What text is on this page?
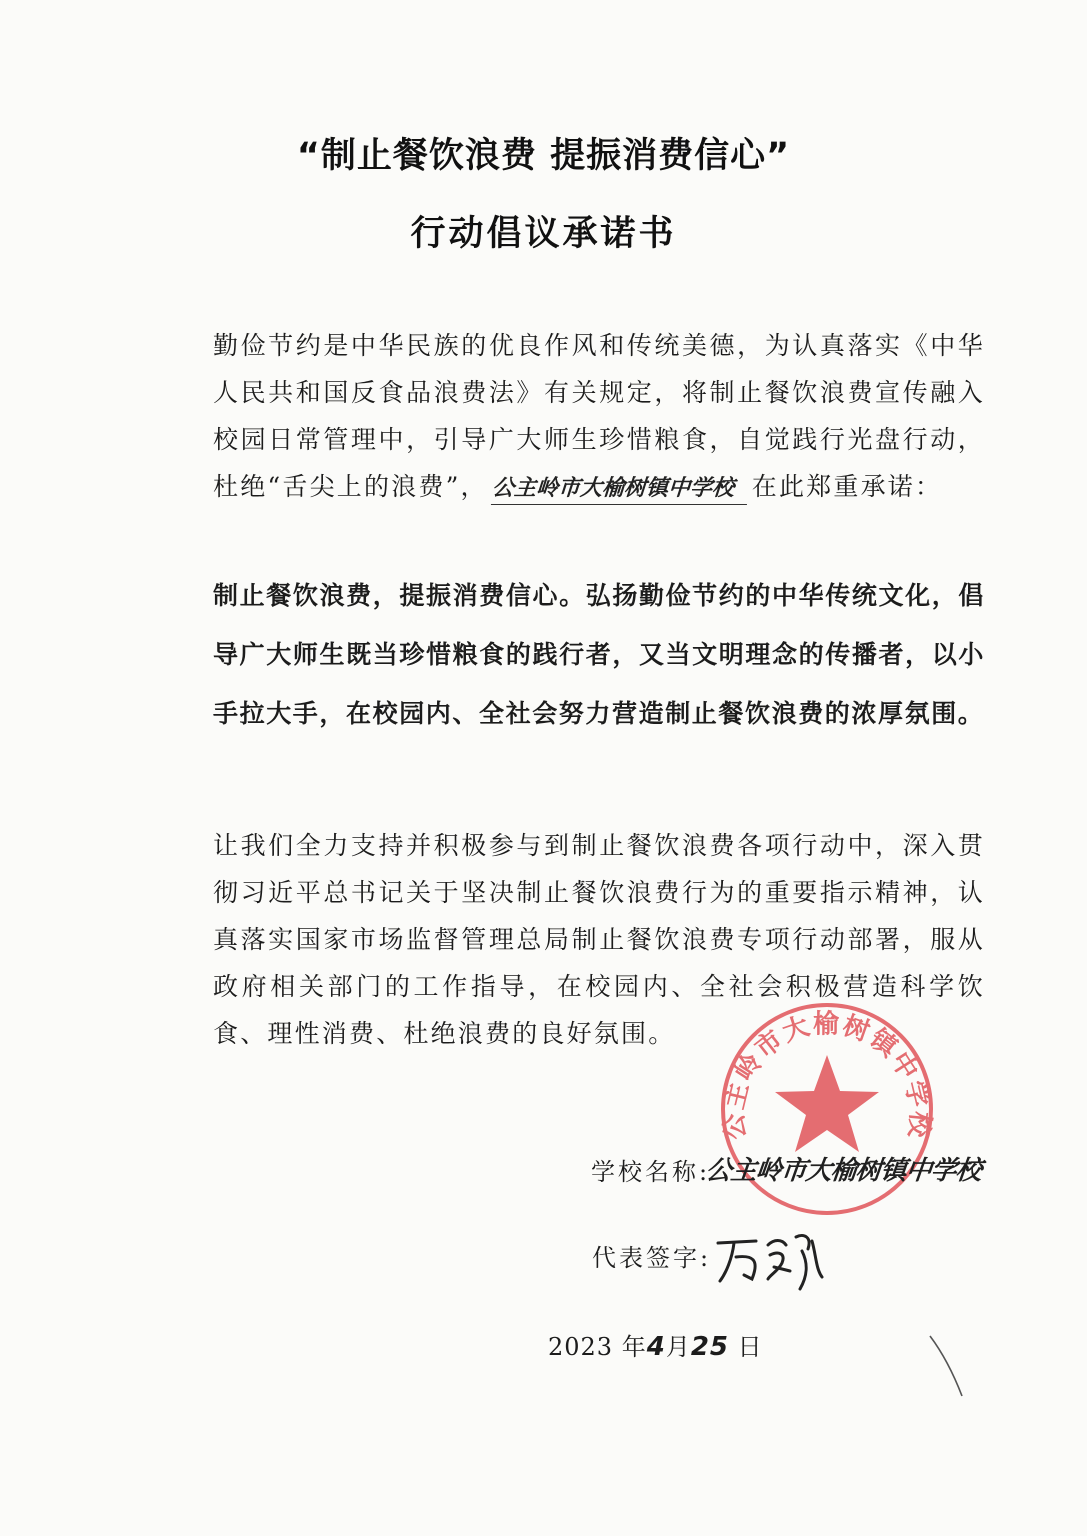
“制止餐饮浪费 提振消费信心”
行动倡议承诺书
勤俭节约是中华民族的优良作风和传统美德，为认真落实《中华人民共和国反食品浪费法》有关规定，将制止餐饮浪费宣传融入校园日常管理中，引导广大师生珍惜粮食，自觉践行光盘行动，杜绝“舌尖上的浪费”， 公主岭市大榆树镇中学校 在此郑重承诺：
制止餐饮浪费，提振消费信心。弘扬勤俭节约的中华传统文化，倡导广大师生既当珍惜粮食的践行者，又当文明理念的传播者，以小手拉大手，在校园内、全社会努力营造制止餐饮浪费的浓厚氛围。
让我们全力支持并积极参与到制止餐饮浪费各项行动中，深入贯彻习近平总书记关于坚决制止餐饮浪费行为的重要指示精神，认真落实国家市场监督管理总局制止餐饮浪费专项行动部署，服从政府相关部门的工作指导，在校园内、全社会积极营造科学饮食、理性消费、杜绝浪费的良好氛围。
公主岭市大榆树镇中学校
学校名称:
公主岭市大榆树镇中学校
代表签字:
2023 年4月25 日
